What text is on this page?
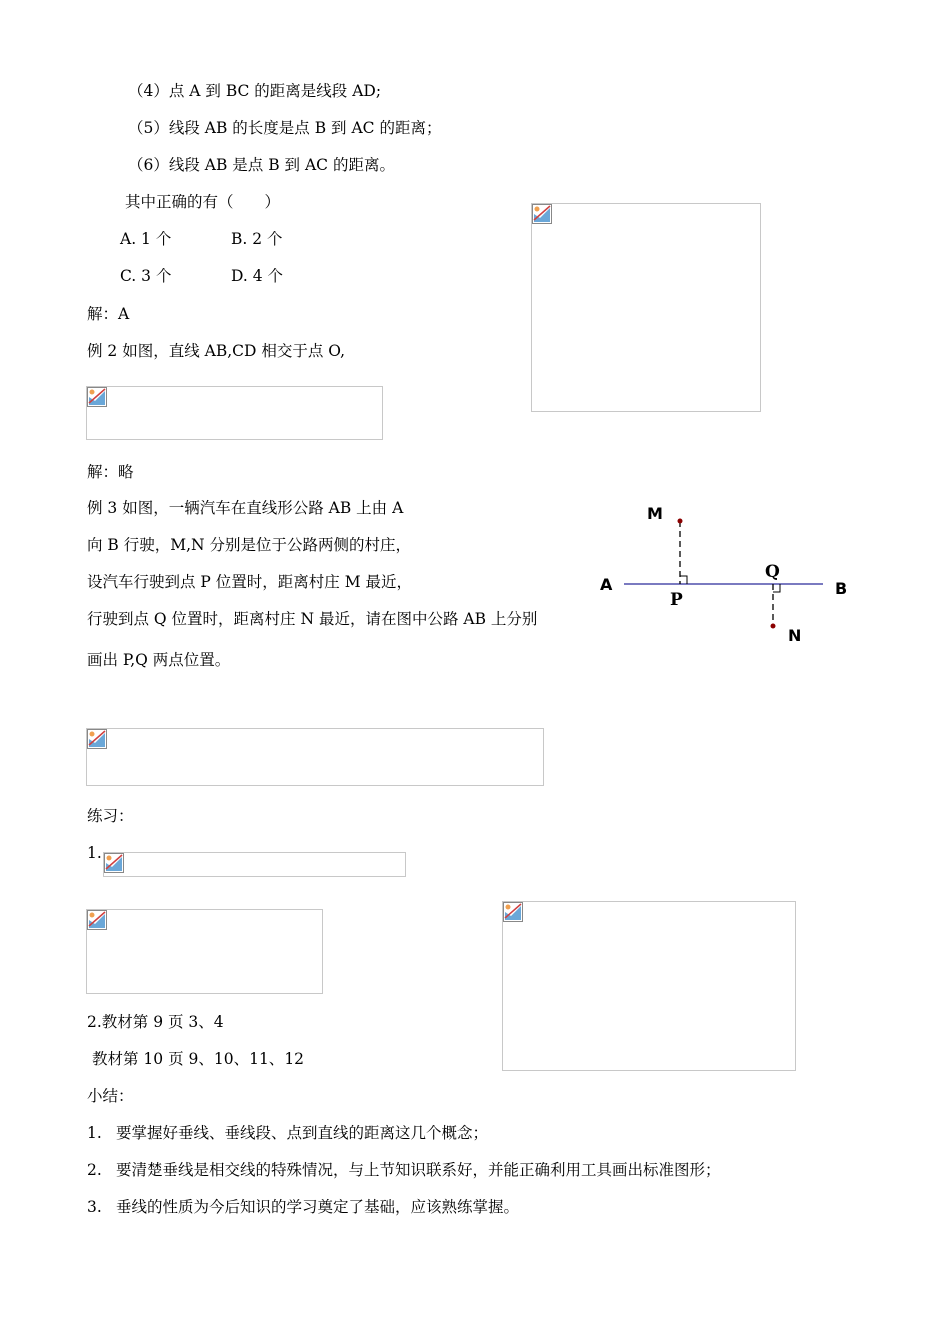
（4）点 A 到 BC 的距离是线段 AD;
（5）线段 AB 的长度是点 B 到 AC 的距离；
（6）线段 AB 是点 B 到 AC 的距离。
其中正确的有（　　）
A. 1 个	B. 2 个
C. 3 个	D. 4 个
解：A
例 2 如图，直线 AB,CD 相交于点 O,
解：略
例 3 如图，一辆汽车在直线形公路 AB 上由 A
向 B 行驶，M,N 分别是位于公路两侧的村庄，
设汽车行驶到点 P 位置时，距离村庄 M 最近，
行驶到点 Q 位置时，距离村庄 N 最近，请在图中公路 AB 上分别
画出 P,Q 两点位置。
练习：
1.
2.教材第 9 页 3、4
教材第 10 页 9、10、11、12
小结：
1. 要掌握好垂线、垂线段、点到直线的距离这几个概念；
2. 要清楚垂线是相交线的特殊情况，与上节知识联系好，并能正确利用工具画出标准图形；
3. 垂线的性质为今后知识的学习奠定了基础，应该熟练掌握。
M
N
A	B
P
Q
